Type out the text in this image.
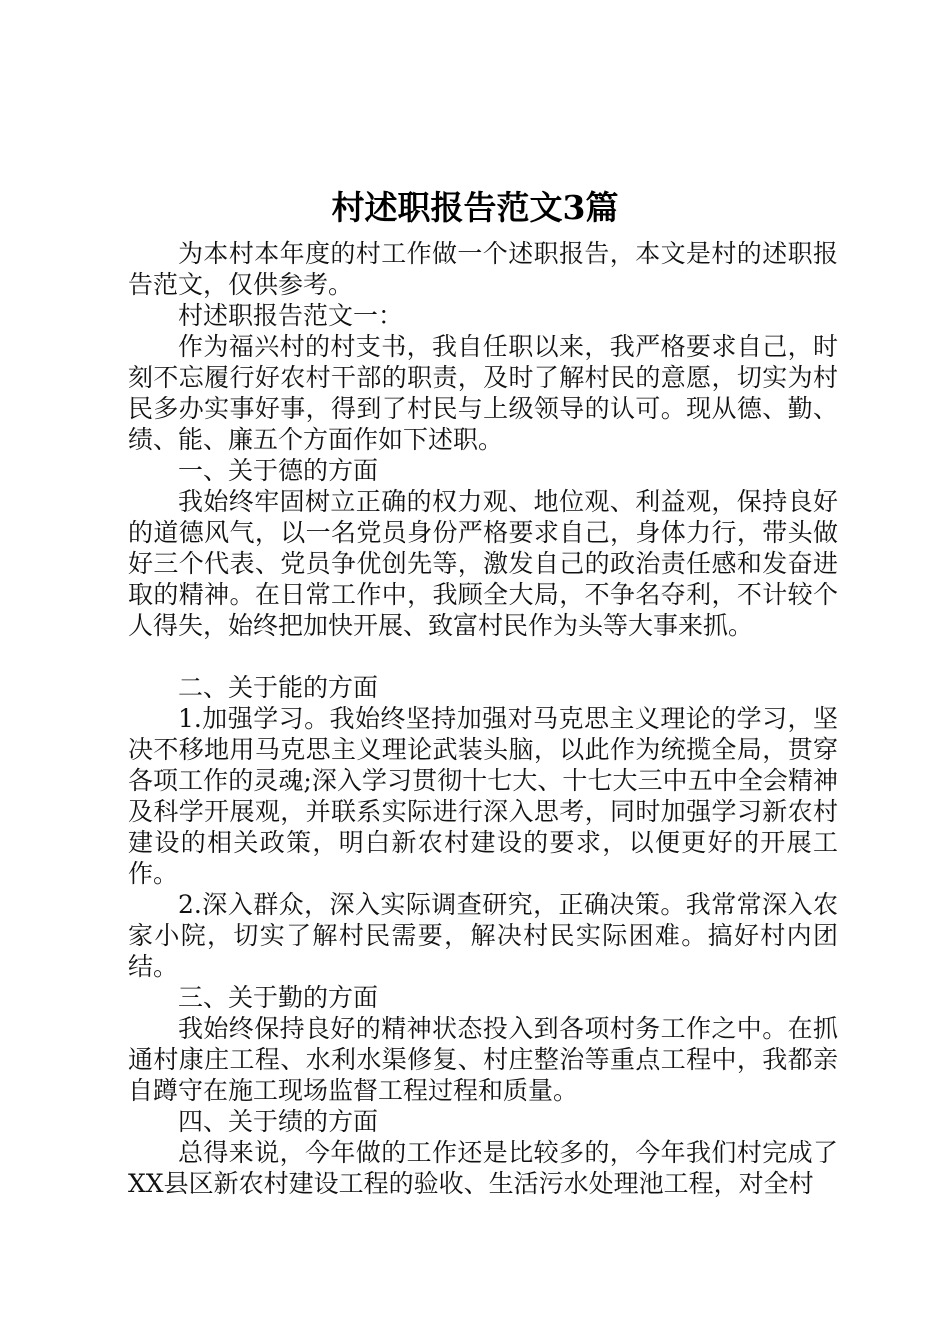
村述职报告范文3篇

为本村本年度的村工作做一个述职报告，本文是村的述职报告范文，仅供参考。

村述职报告范文一：

作为福兴村的村支书，我自任职以来，我严格要求自己，时刻不忘履行好农村干部的职责，及时了解村民的意愿，切实为村民多办实事好事，得到了村民与上级领导的认可。现从德、勤、绩、能、廉五个方面作如下述职。

一、关于德的方面

我始终牢固树立正确的权力观、地位观、利益观，保持良好的道德风气，以一名党员身份严格要求自己，身体力行，带头做好三个代表、党员争优创先等，激发自己的政治责任感和发奋进取的精神。在日常工作中，我顾全大局，不争名夺利，不计较个人得失，始终把加快开展、致富村民作为头等大事来抓。

二、关于能的方面

1.加强学习。我始终坚持加强对马克思主义理论的学习，坚决不移地用马克思主义理论武装头脑，以此作为统揽全局，贯穿各项工作的灵魂;深入学习贯彻十七大、十七大三中五中全会精神及科学开展观，并联系实际进行深入思考，同时加强学习新农村建设的相关政策，明白新农村建设的要求，以便更好的开展工作。

2.深入群众，深入实际调查研究，正确决策。我常常深入农家小院，切实了解村民需要，解决村民实际困难。搞好村内团结。

三、关于勤的方面

我始终保持良好的精神状态投入到各项村务工作之中。在抓通村康庄工程、水利水渠修复、村庄整治等重点工程中，我都亲自蹲守在施工现场监督工程过程和质量。

四、关于绩的方面

总得来说，今年做的工作还是比较多的，今年我们村完成了XX县区新农村建设工程的验收、生活污水处理池工程，对全村
